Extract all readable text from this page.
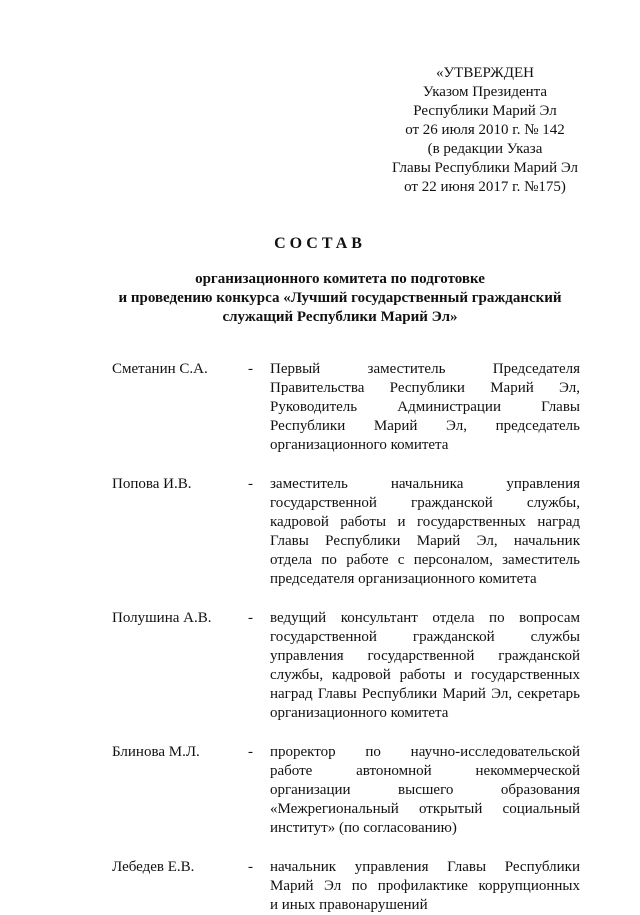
«УТВЕРЖДЕН
Указом Президента
Республики Марий Эл
от 26 июля 2010 г. № 142
(в редакции Указа
Главы Республики Марий Эл
от 22 июня 2017 г. №175)
СОСТАВ
организационного комитета по подготовке
и проведению конкурса «Лучший государственный гражданский
служащий Республики Марий Эл»
Сметанин С.А.	- Первый заместитель Председателя
Правительства Республики Марий Эл,
Руководитель Администрации Главы
Республики Марий Эл, председатель
организационного комитета
Попова И.В.	- заместитель начальника управления
государственной гражданской службы,
кадровой работы и государственных наград
Главы Республики Марий Эл, начальник
отдела по работе с персоналом, заместитель
председателя организационного комитета
Полушина А.В.	- ведущий консультант отдела по вопросам
государственной гражданской службы
управления государственной гражданской
службы, кадровой работы и государственных
наград Главы Республики Марий Эл, секретарь
организационного комитета
Блинова М.Л.	- проректор по научно-исследовательской
работе автономной некоммерческой
организации высшего образования
«Межрегиональный открытый социальный
институт» (по согласованию)
Лебедев Е.В.	- начальник управления Главы Республики
Марий Эл по профилактике коррупционных
и иных правонарушений
